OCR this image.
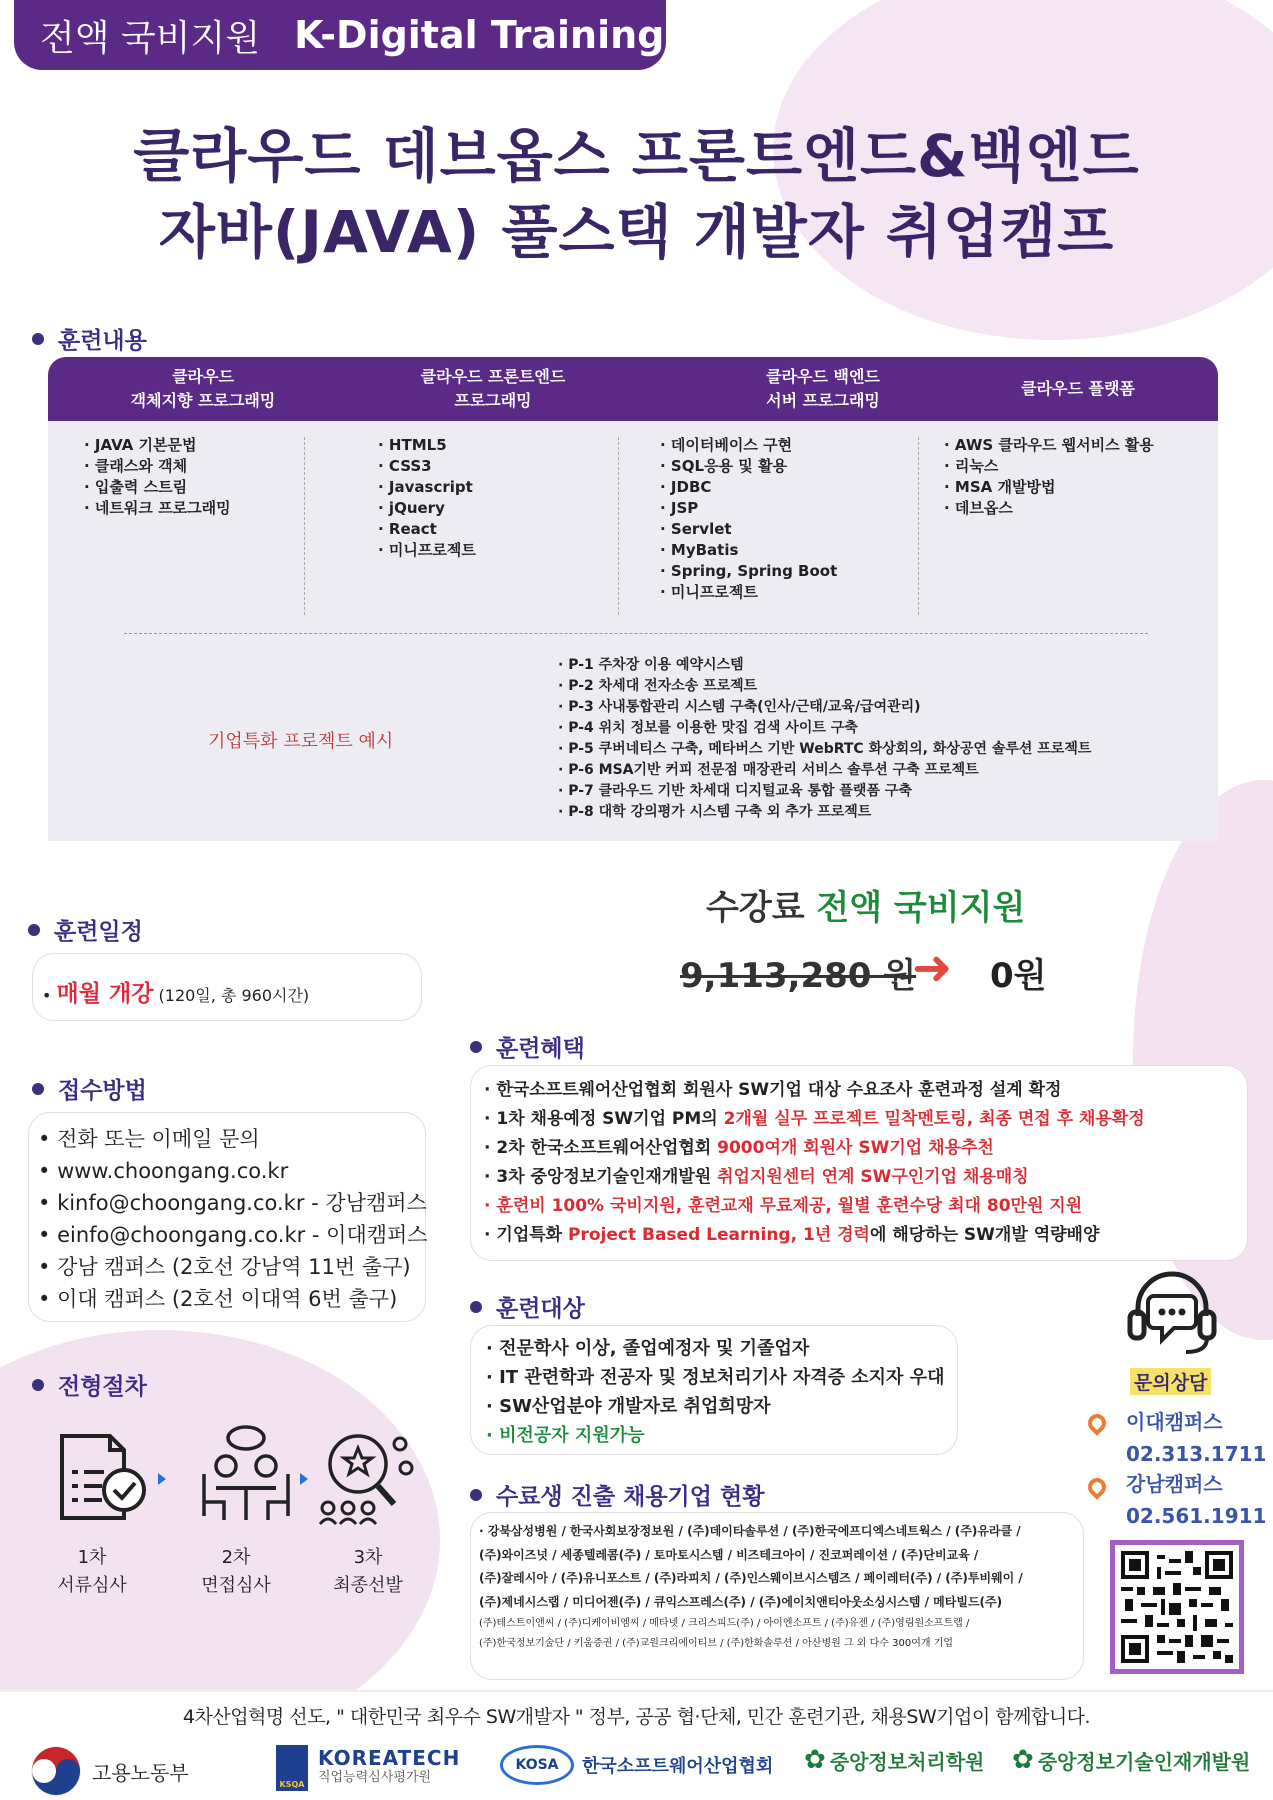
전액 국비지원 K-Digital Training
클라우드 데브옵스 프론트엔드&백엔드
자바(JAVA) 풀스택 개발자 취업캠프
훈련내용
클라우드
객체지향 프로그래밍
클라우드 프론트엔드
프로그래밍
클라우드 백엔드
서버 프로그래밍
클라우드 플랫폼
· JAVA 기본문법
· 클래스와 객체
· 입출력 스트림
· 네트워크 프로그래밍
· HTML5
· CSS3
· Javascript
· jQuery
· React
· 미니프로젝트
· 데이터베이스 구현
· SQL응용 및 활용
· JDBC
· JSP
· Servlet
· MyBatis
· Spring, Spring Boot
· 미니프로젝트
· AWS 클라우드 웹서비스 활용
· 리눅스
· MSA 개발방법
· 데브옵스
기업특화 프로젝트 예시
· P-1 주차장 이용 예약시스템
· P-2 차세대 전자소송 프로젝트
· P-3 사내통합관리 시스템 구축(인사/근태/교육/급여관리)
· P-4 위치 정보를 이용한 맛집 검색 사이트 구축
· P-5 쿠버네티스 구축, 메타버스 기반 WebRTC 화상회의, 화상공연 솔루션 프로젝트
· P-6 MSA기반 커피 전문점 매장관리 서비스 솔루션 구축 프로젝트
· P-7 클라우드 기반 차세대 디지털교육 통합 플랫폼 구축
· P-8 대학 강의평가 시스템 구축 외 추가 프로젝트
훈련일정
• 매월 개강 (120일, 총 960시간)
수강료 전액 국비지원
9,113,280 원
➜ 0원
접수방법
• 전화 또는 이메일 문의
• www.choongang.co.kr
• kinfo@choongang.co.kr - 강남캠퍼스
• einfo@choongang.co.kr - 이대캠퍼스
• 강남 캠퍼스 (2호선 강남역 11번 출구)
• 이대 캠퍼스 (2호선 이대역 6번 출구)
훈련혜택
· 한국소프트웨어산업협회 회원사 SW기업 대상 수요조사 훈련과정 설계 확정
· 1차 채용예정 SW기업 PM의 2개월 실무 프로젝트 밀착멘토링, 최종 면접 후 채용확정
· 2차 한국소프트웨어산업협회 9000여개 회원사 SW기업 채용추천
· 3차 중앙정보기술인재개발원 취업지원센터 연계 SW구인기업 채용매칭
· 훈련비 100% 국비지원, 훈련교재 무료제공, 월별 훈련수당 최대 80만원 지원
· 기업특화 Project Based Learning, 1년 경력에 해당하는 SW개발 역량배양
훈련대상
· 전문학사 이상, 졸업예정자 및 기졸업자
· IT 관련학과 전공자 및 정보처리기사 자격증 소지자 우대
· SW산업분야 개발자로 취업희망자
· 비전공자 지원가능
수료생 진출 채용기업 현황
· 강북삼성병원 / 한국사회보장정보원 / (주)데이타솔루션 / (주)한국에프디엑스네트웍스 / (주)유라클 /
(주)와이즈넛 / 세종텔레콤(주) / 토마토시스템 / 비즈테크아이 / 진코퍼레이션 / (주)단비교육 /
(주)잘레시아 / (주)유니포스트 / (주)라피치 / (주)인스웨이브시스템즈 / 페이레터(주) / (주)투비웨이 /
(주)제네시스랩 / 미디어젠(주) / 큐익스프레스(주) / (주)에이치앤티아웃소싱시스템 / 메타빌드(주)
(주)테스트이앤씨 / (주)디케이비엠씨 / 메타넷 / 크리스피드(주) / 아이엔소프트 / (주)유젠 / (주)영림원소프트랩 /
(주)한국정보기술단 / 키움증권 / (주)교원크리에이티브 / (주)한화솔루션 / 아산병원 그 외 다수 300여개 기업
전형절차
1차
서류심사
2차
면접심사
3차
최종선발
문의상담
이대캠퍼스
02.313.1711
강남캠퍼스
02.561.1911
4차산업혁명 선도, " 대한민국 최우수 SW개발자 " 정부, 공공 협·단체, 민간 훈련기관, 채용SW기업이 함께합니다.
고용노동부	KSQA
KOREATECH
직업능력심사평가원
KOSA 한국소프트웨어산업협회 ✿ 중앙정보처리학원 ✿ 중앙정보기술인재개발원
